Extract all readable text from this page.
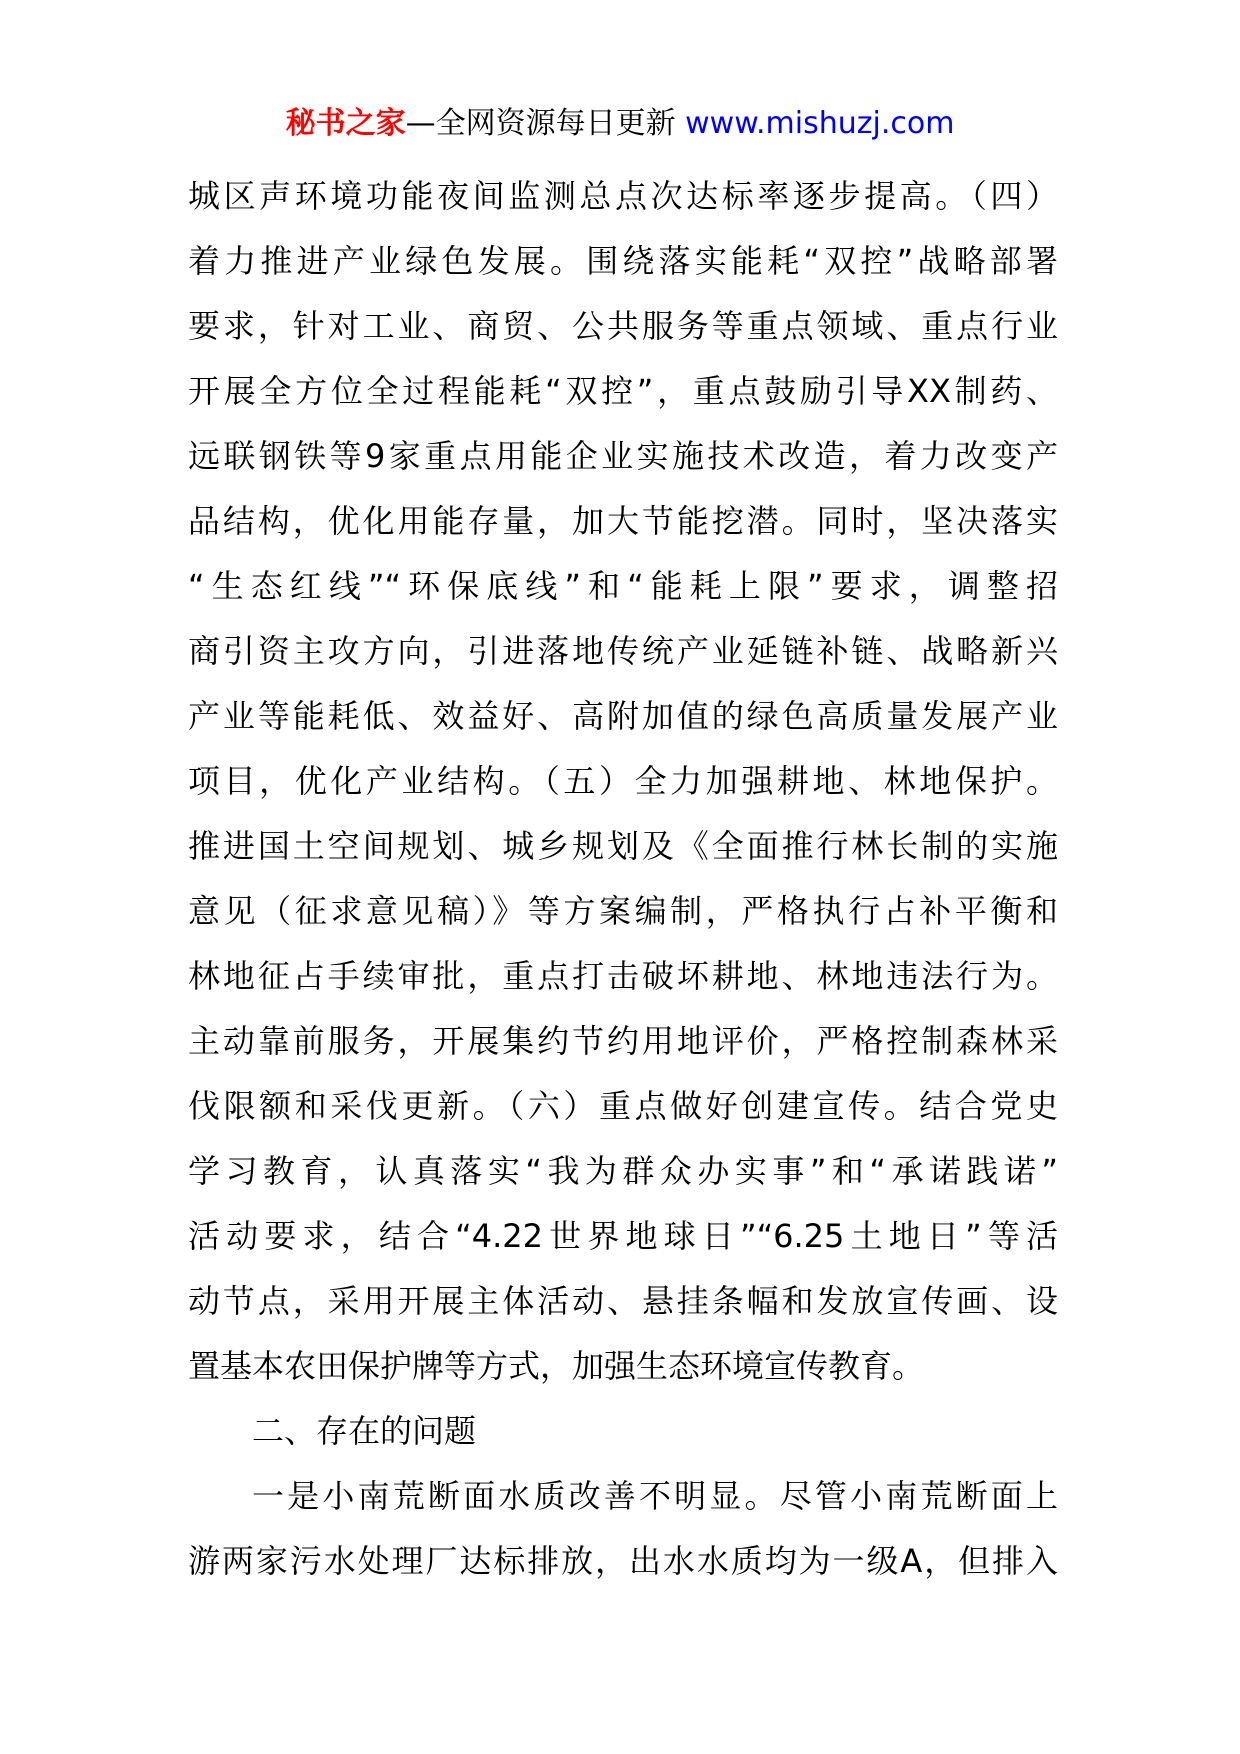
秘书之家—全网资源每日更新 www.mishuzj.com
城区声环境功能夜间监测总点次达标率逐步提高。（四）
着力推进产业绿色发展。围绕落实能耗“双控”战略部署
要求，针对工业、商贸、公共服务等重点领域、重点行业
开展全方位全过程能耗“双控”，重点鼓励引导XX制药、
远联钢铁等9家重点用能企业实施技术改造，着力改变产
品结构，优化用能存量，加大节能挖潜。同时，坚决落实
“生态红线”“环保底线”和“能耗上限”要求，调整招
商引资主攻方向，引进落地传统产业延链补链、战略新兴
产业等能耗低、效益好、高附加值的绿色高质量发展产业
项目，优化产业结构。（五）全力加强耕地、林地保护。
推进国土空间规划、城乡规划及《全面推行林长制的实施
意见（征求意见稿）》等方案编制，严格执行占补平衡和
林地征占手续审批，重点打击破坏耕地、林地违法行为。
主动靠前服务，开展集约节约用地评价，严格控制森林采
伐限额和采伐更新。（六）重点做好创建宣传。结合党史
学习教育，认真落实“我为群众办实事”和“承诺践诺”
活动要求，结合“4.22世界地球日”“6.25土地日”等活
动节点，采用开展主体活动、悬挂条幅和发放宣传画、设
置基本农田保护牌等方式，加强生态环境宣传教育。
二、存在的问题
一是小南荒断面水质改善不明显。尽管小南荒断面上
游两家污水处理厂达标排放，出水水质均为一级A，但排入
